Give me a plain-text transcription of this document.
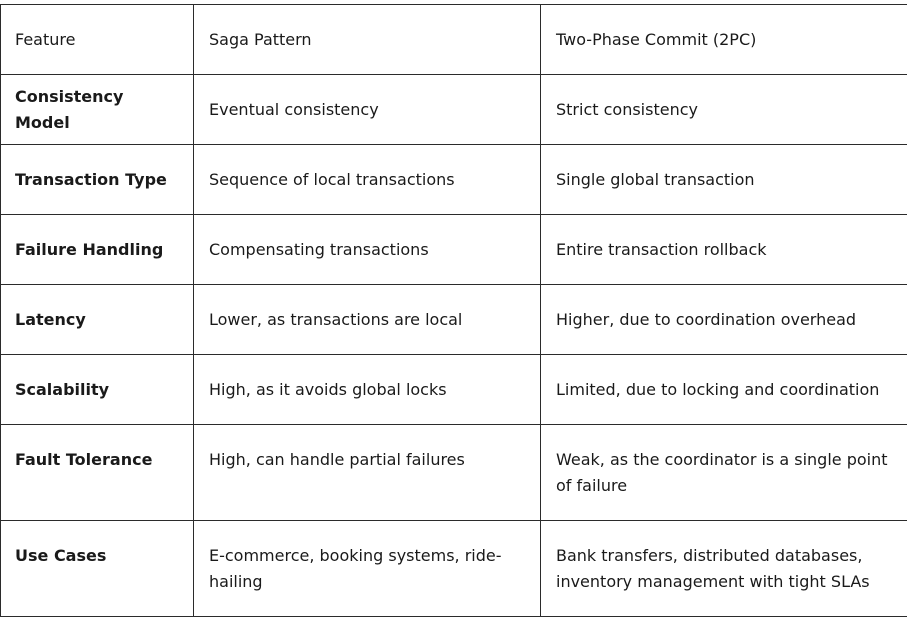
Feature	Saga Pattern	Two-Phase Commit (2PC)
Consistency Model	Eventual consistency	Strict consistency
Transaction Type	Sequence of local transactions	Single global transaction
Failure Handling	Compensating transactions	Entire transaction rollback
Latency	Lower, as transactions are local	Higher, due to coordination overhead
Scalability	High, as it avoids global locks	Limited, due to locking and coordination
Fault Tolerance	High, can handle partial failures	Weak, as the coordinator is a single point of failure
Use Cases	E-commerce, booking systems, ride-hailing	Bank transfers, distributed databases, inventory management with tight SLAs
